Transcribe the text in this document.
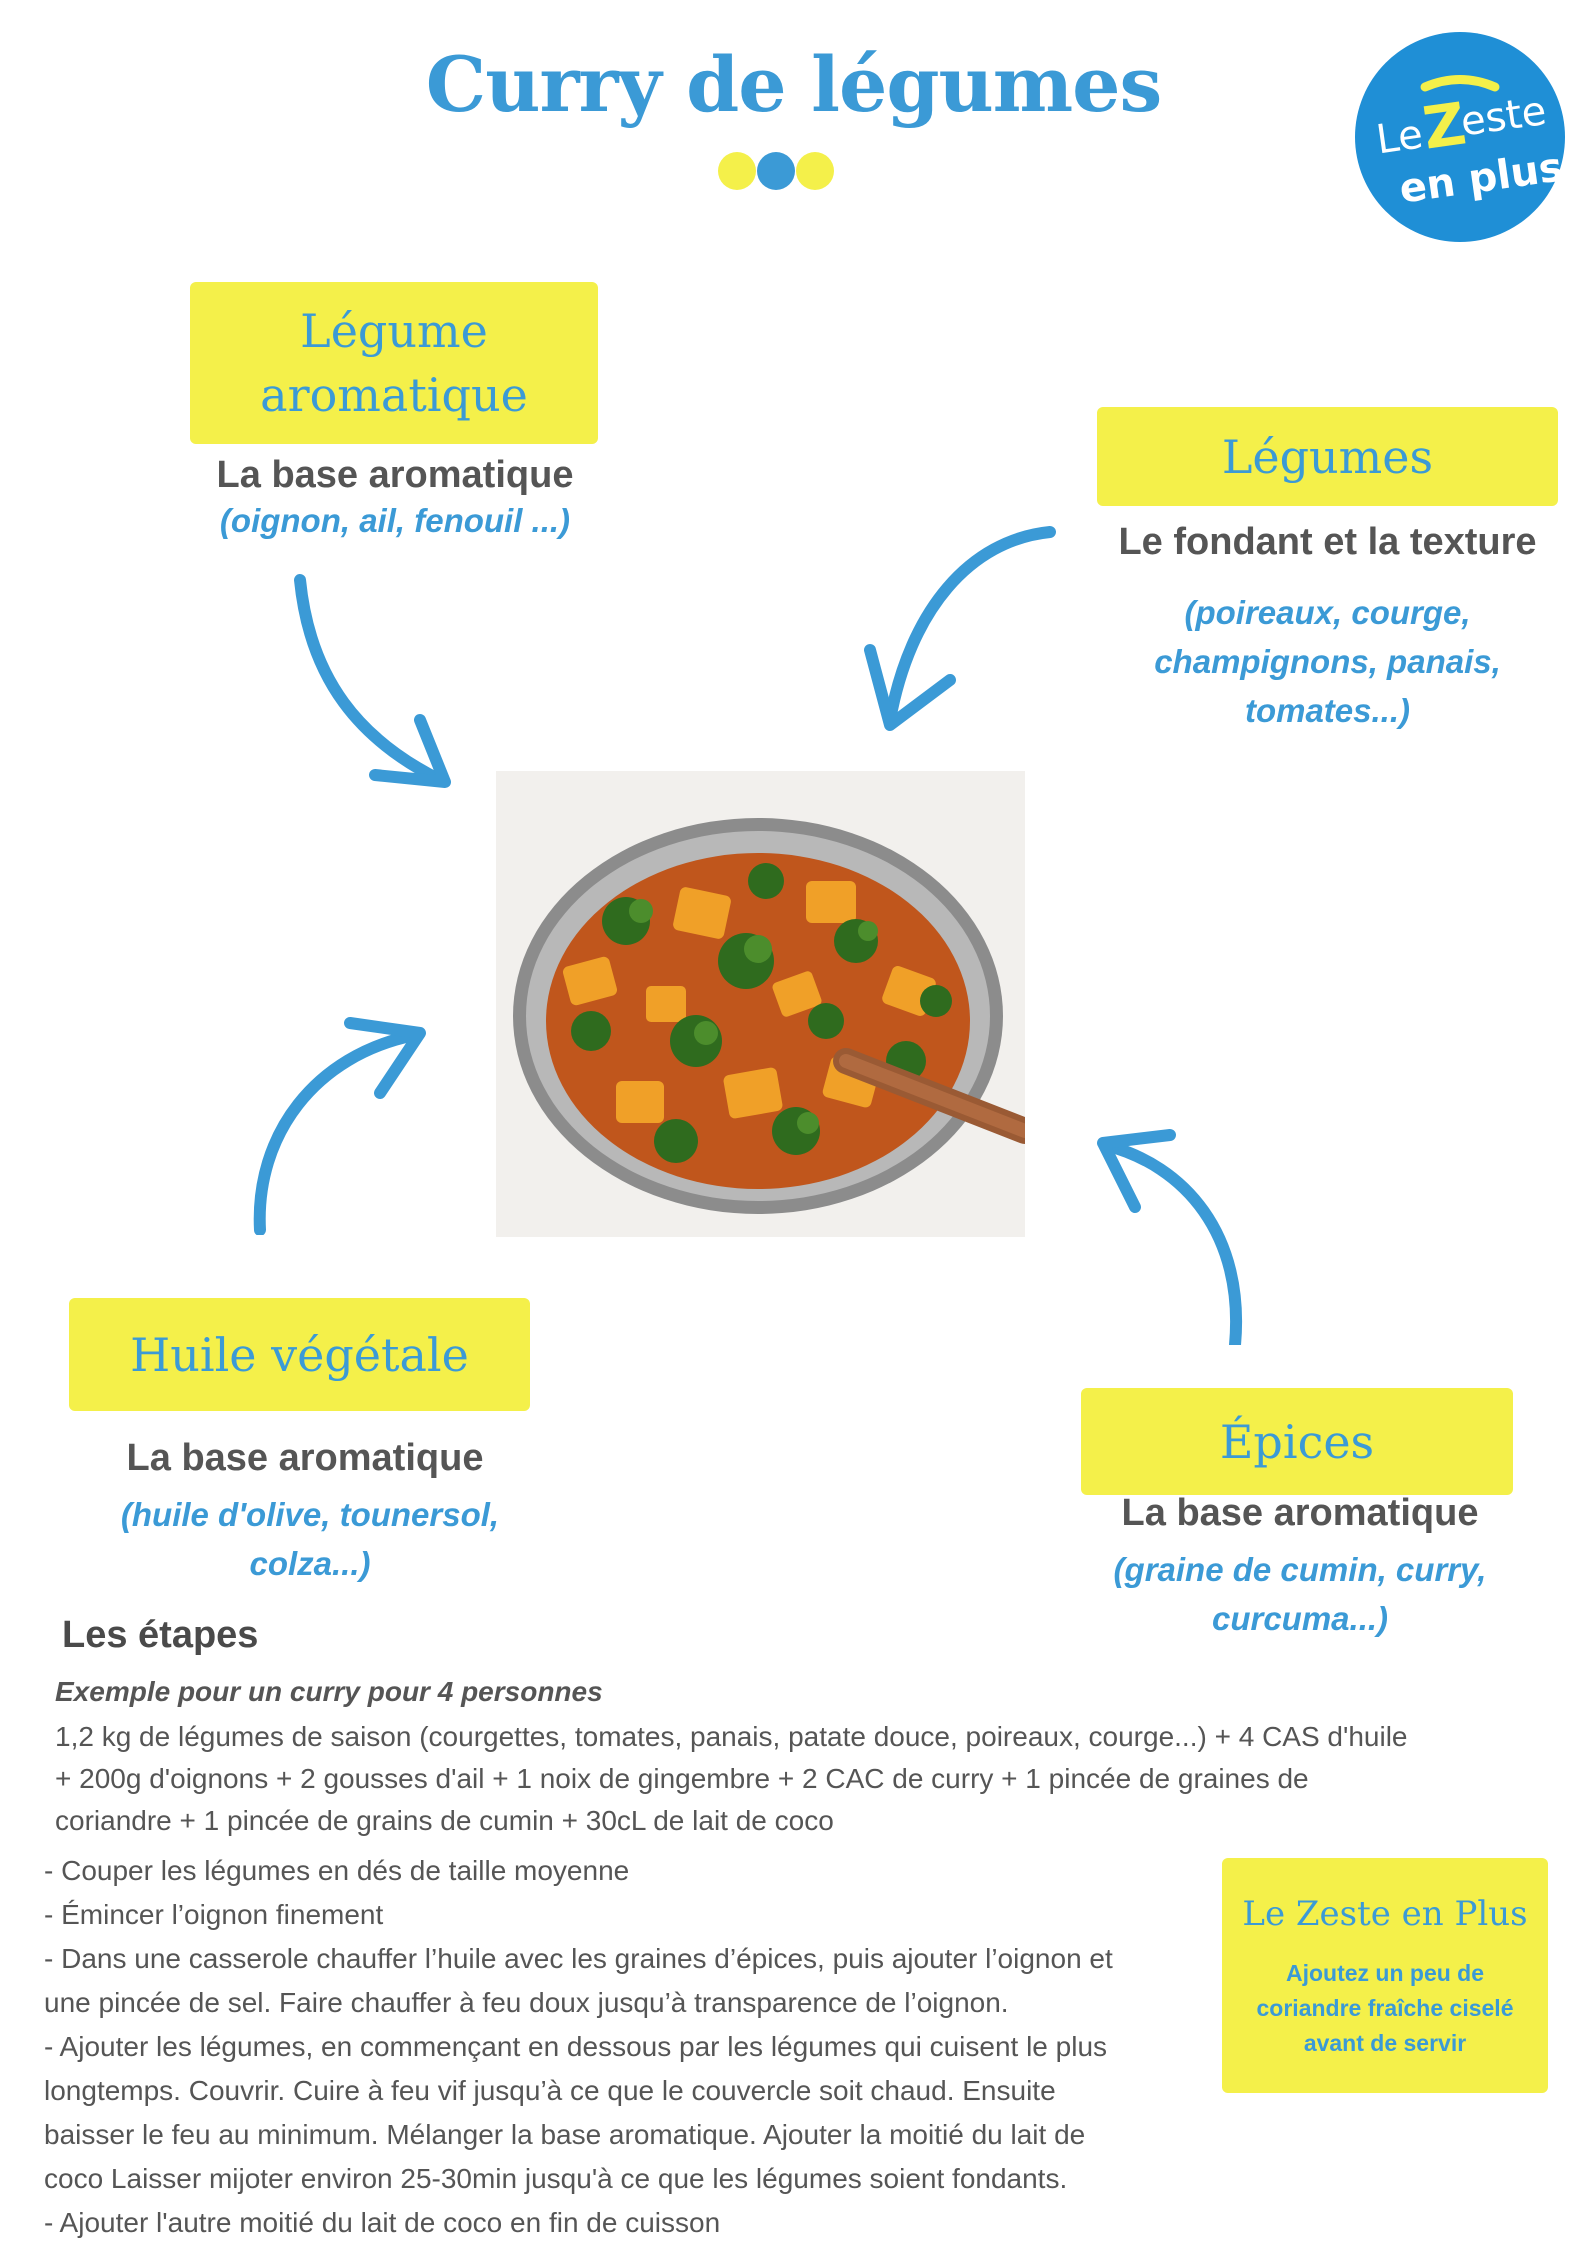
Curry de légumes
Le
Z
este
en plus
Légume
aromatique
La base aromatique
(oignon, ail, fenouil ...)
Légumes
Le fondant et la texture
(poireaux, courge,
champignons, panais,
tomates...)
Huile végétale
La base aromatique
(huile d'olive, tounersol,
colza...)
Épices
La base aromatique
(graine de cumin, curry,
curcuma...)
Les étapes
Exemple pour un curry pour 4 personnes
1,2 kg de légumes de saison (courgettes, tomates, panais, patate douce, poireaux, courge...) + 4 CAS d'huile
+ 200g d'oignons + 2 gousses d'ail + 1 noix de gingembre + 2 CAC de curry + 1 pincée de graines de
coriandre + 1 pincée de grains de cumin + 30cL de lait de coco

- Couper les légumes en dés de taille moyenne

- Émincer l’oignon finement

- Dans une casserole chauffer l’huile avec les graines d’épices, puis ajouter l’oignon et

une pincée de sel. Faire chauffer à feu doux jusqu’à transparence de l’oignon.

- Ajouter les légumes, en commençant en dessous par les légumes qui cuisent le plus

longtemps. Couvrir. Cuire à feu vif jusqu’à ce que le couvercle soit chaud. Ensuite

baisser le feu au minimum. Mélanger la base aromatique. Ajouter la moitié du lait de

coco Laisser mijoter environ 25-30min jusqu'à ce que les légumes soient fondants.

- Ajouter l'autre moitié du lait de coco en fin de cuisson

Le Zeste en Plus
Ajoutez un peu de
coriandre fraîche ciselé
avant de servir
